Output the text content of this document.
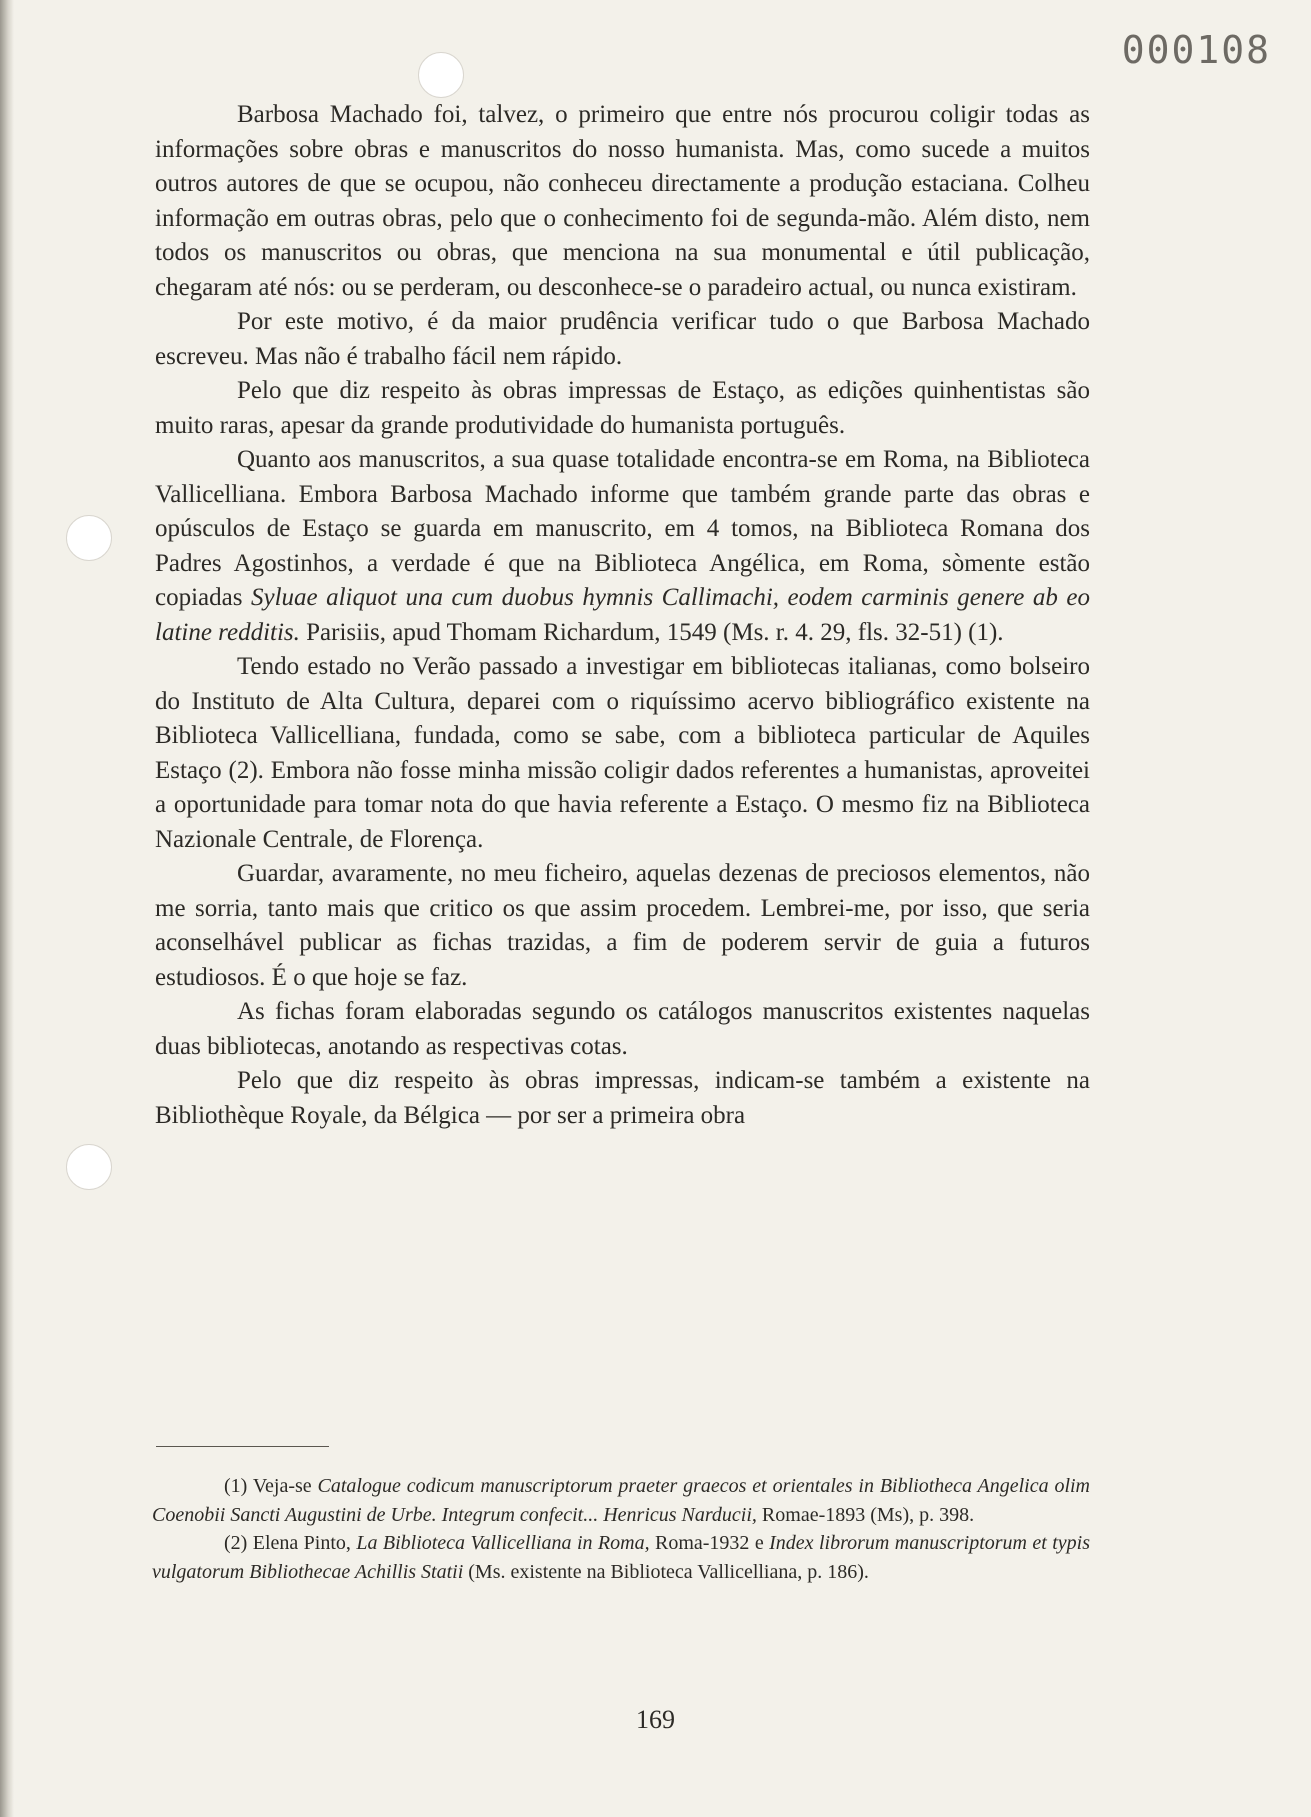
000108

Barbosa Machado foi, talvez, o primeiro que entre nós procurou coligir todas as informações sobre obras e manuscritos do nosso humanista. Mas, como sucede a muitos outros autores de que se ocupou, não conheceu directamente a produção estaciana. Colheu informação em outras obras, pelo que o conhecimento foi de segunda-mão. Além disto, nem todos os manuscritos ou obras, que menciona na sua monumental e útil publicação, chegaram até nós: ou se perderam, ou desconhece-se o paradeiro actual, ou nunca existiram.

Por este motivo, é da maior prudência verificar tudo o que Barbosa Machado escreveu. Mas não é trabalho fácil nem rápido.

Pelo que diz respeito às obras impressas de Estaço, as edições quinhentistas são muito raras, apesar da grande produtividade do humanista português.

Quanto aos manuscritos, a sua quase totalidade encontra-se em Roma, na Biblioteca Vallicelliana. Embora Barbosa Machado informe que também grande parte das obras e opúsculos de Estaço se guarda em manuscrito, em 4 tomos, na Biblioteca Romana dos Padres Agostinhos, a verdade é que na Biblioteca Angélica, em Roma, sòmente estão copiadas Syluae aliquot una cum duobus hymnis Callimachi, eodem carminis genere ab eo latine redditis. Parisiis, apud Thomam Richardum, 1549 (Ms. r. 4. 29, fls. 32-51) (1).

Tendo estado no Verão passado a investigar em bibliotecas italianas, como bolseiro do Instituto de Alta Cultura, deparei com o riquíssimo acervo bibliográfico existente na Biblioteca Vallicelliana, fundada, como se sabe, com a biblioteca particular de Aquiles Estaço (2). Embora não fosse minha missão coligir dados referentes a humanistas, aproveitei a oportunidade para tomar nota do que havia referente a Estaço. O mesmo fiz na Biblioteca Nazionale Centrale, de Florença.

Guardar, avaramente, no meu ficheiro, aquelas dezenas de preciosos elementos, não me sorria, tanto mais que critico os que assim procedem. Lembrei-me, por isso, que seria aconselhável publicar as fichas trazidas, a fim de poderem servir de guia a futuros estudiosos. É o que hoje se faz.

As fichas foram elaboradas segundo os catálogos manuscritos existentes naquelas duas bibliotecas, anotando as respectivas cotas.

Pelo que diz respeito às obras impressas, indicam-se também a existente na Bibliothèque Royale, da Bélgica — por ser a primeira obra

(1) Veja-se Catalogue codicum manuscriptorum praeter graecos et orientales in Bibliotheca Angelica olim Coenobii Sancti Augustini de Urbe. Integrum confecit... Henricus Narducii, Romae-1893 (Ms), p. 398.

(2) Elena Pinto, La Biblioteca Vallicelliana in Roma, Roma-1932 e Index librorum manuscriptorum et typis vulgatorum Bibliothecae Achillis Statii (Ms. existente na Biblioteca Vallicelliana, p. 186).

169
